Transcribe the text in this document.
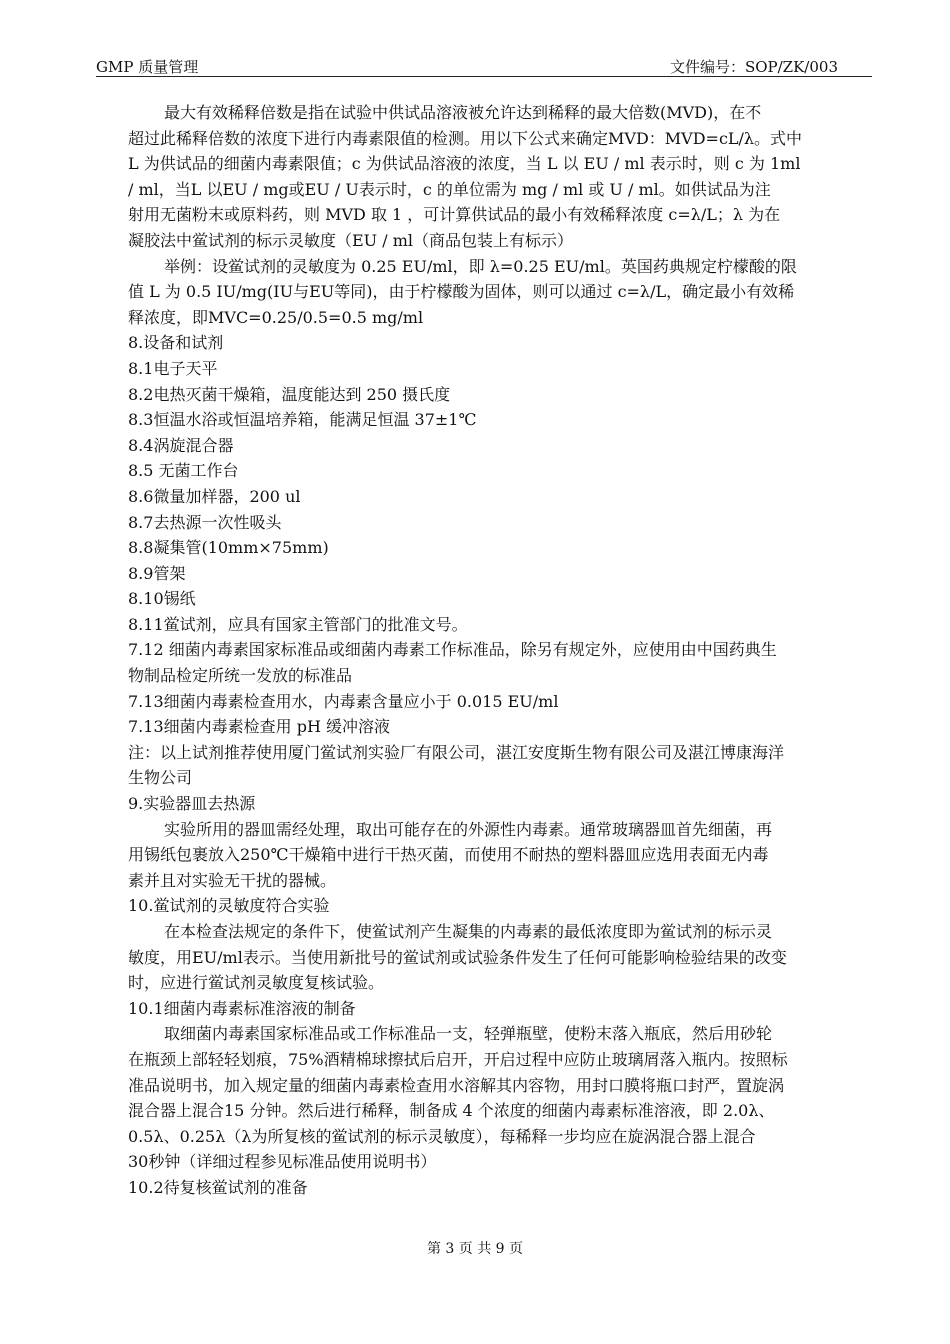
GMP 质量管理	文件编号：SOP/ZK/003

最大有效稀释倍数是指在试验中供试品溶液被允许达到稀释的最大倍数(MVD)，在不

超过此稀释倍数的浓度下进行内毒素限值的检测。用以下公式来确定MVD：MVD=cL/λ。式中

L 为供试品的细菌内毒素限值；c 为供试品溶液的浓度，当 L 以 EU / ml 表示时，则 c 为 1ml

/ ml，当L 以EU / mg或EU / U表示时，c 的单位需为 mg / ml 或 U / ml。如供试品为注

射用无菌粉末或原料药，则 MVD 取 1 ，可计算供试品的最小有效稀释浓度 c=λ/L；λ 为在

凝胶法中鲎试剂的标示灵敏度（EU / ml（商品包装上有标示）

举例：设鲎试剂的灵敏度为 0.25 EU/ml，即 λ=0.25 EU/ml。英国药典规定柠檬酸的限

值 L 为 0.5 IU/mg(IU与EU等同)，由于柠檬酸为固体，则可以通过 c=λ/L，确定最小有效稀

释浓度，即MVC=0.25/0.5=0.5 mg/ml

8.设备和试剂

8.1电子天平

8.2电热灭菌干燥箱，温度能达到 250 摄氏度

8.3恒温水浴或恒温培养箱，能满足恒温 37±1℃

8.4涡旋混合器

8.5 无菌工作台

8.6微量加样器，200 ul

8.7去热源一次性吸头

8.8凝集管(10mm×75mm)

8.9管架

8.10锡纸

8.11鲎试剂，应具有国家主管部门的批准文号。

7.12 细菌内毒素国家标准品或细菌内毒素工作标准品，除另有规定外，应使用由中国药典生

物制品检定所统一发放的标准品

7.13细菌内毒素检查用水，内毒素含量应小于 0.015 EU/ml

7.13细菌内毒素检查用 pH 缓冲溶液

注：以上试剂推荐使用厦门鲎试剂实验厂有限公司，湛江安度斯生物有限公司及湛江博康海洋

生物公司

9.实验器皿去热源

实验所用的器皿需经处理，取出可能存在的外源性内毒素。通常玻璃器皿首先细菌，再

用锡纸包裹放入250℃干燥箱中进行干热灭菌，而使用不耐热的塑料器皿应选用表面无内毒

素并且对实验无干扰的器械。

10.鲎试剂的灵敏度符合实验

在本检查法规定的条件下，使鲎试剂产生凝集的内毒素的最低浓度即为鲎试剂的标示灵

敏度，用EU/ml表示。当使用新批号的鲎试剂或试验条件发生了任何可能影响检验结果的改变

时，应进行鲎试剂灵敏度复核试验。

10.1细菌内毒素标准溶液的制备

取细菌内毒素国家标准品或工作标准品一支，轻弹瓶壁，使粉末落入瓶底，然后用砂轮

在瓶颈上部轻轻划痕，75%酒精棉球擦拭后启开，开启过程中应防止玻璃屑落入瓶内。按照标

准品说明书，加入规定量的细菌内毒素检查用水溶解其内容物，用封口膜将瓶口封严，置旋涡

混合器上混合15 分钟。然后进行稀释，制备成 4 个浓度的细菌内毒素标准溶液，即 2.0λ、

0.5λ、0.25λ（λ为所复核的鲎试剂的标示灵敏度），每稀释一步均应在旋涡混合器上混合

30秒钟（详细过程参见标准品使用说明书）

10.2待复核鲎试剂的准备

第 3 页 共 9 页
